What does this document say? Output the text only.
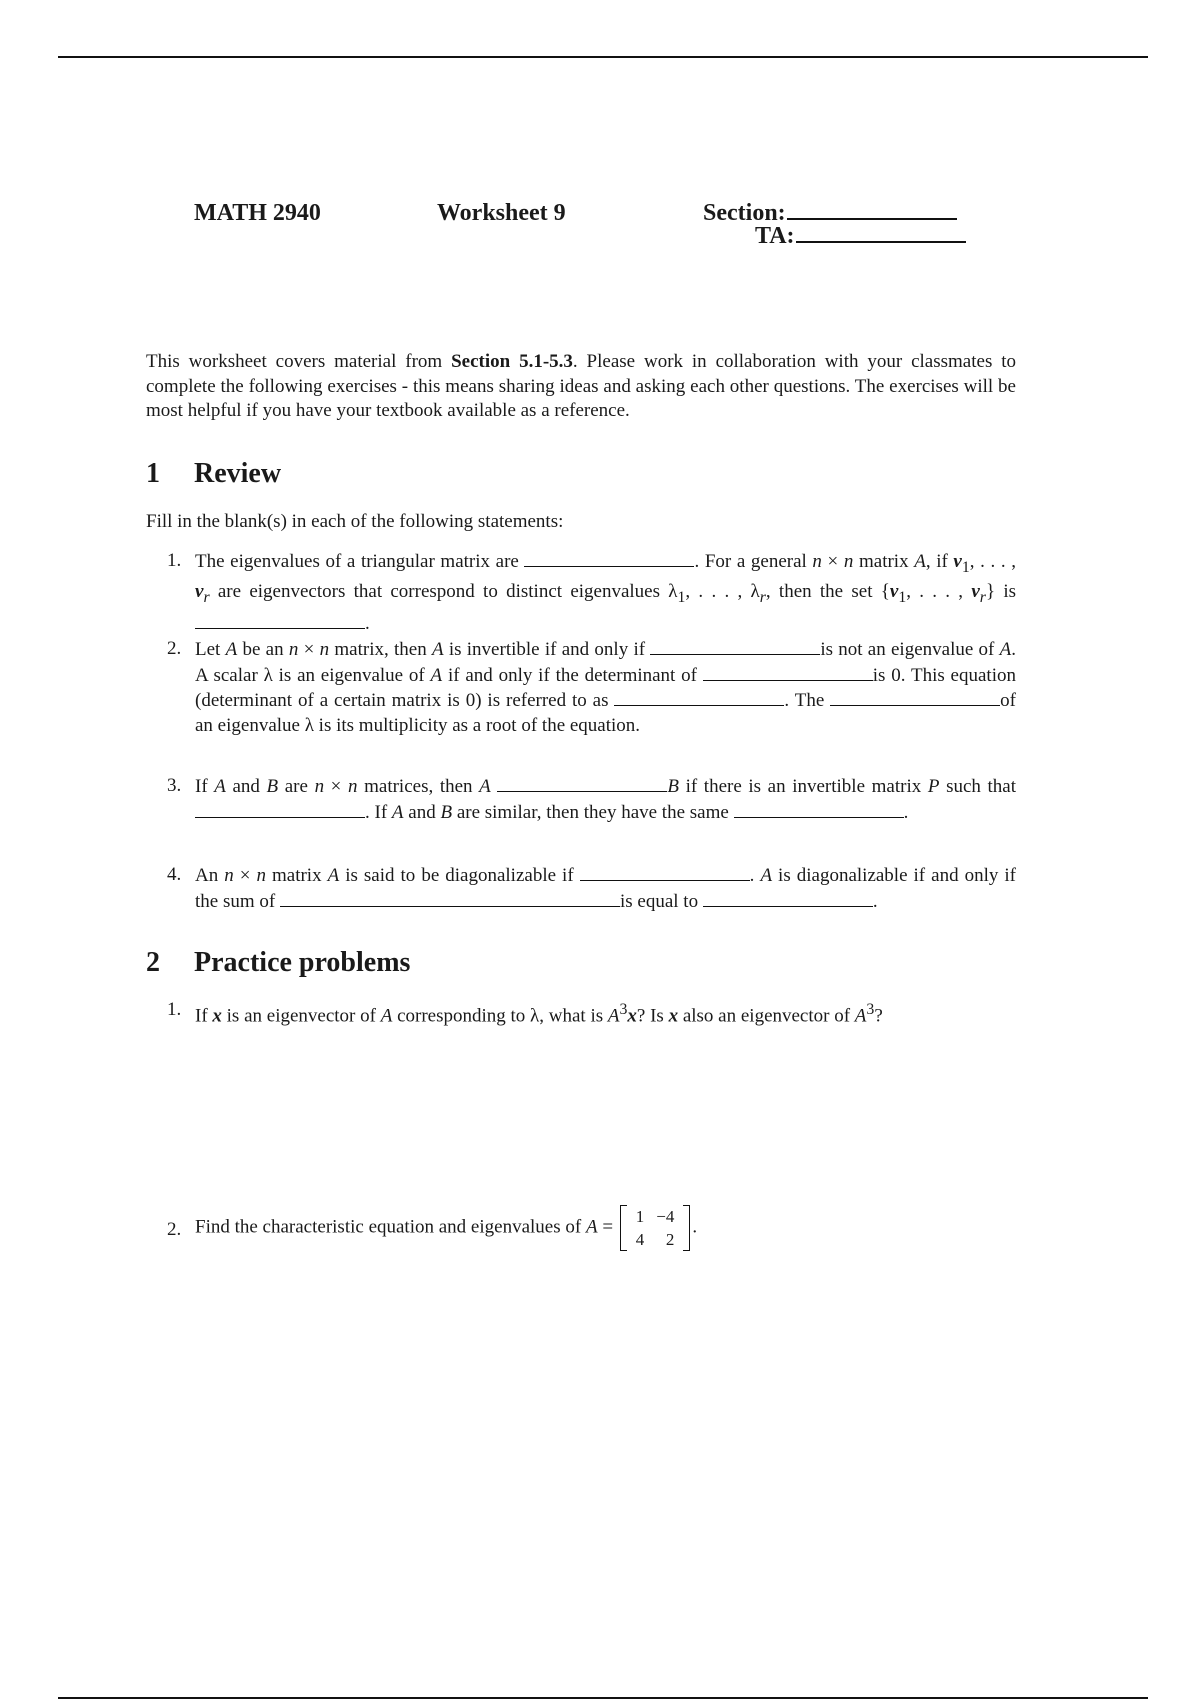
MATH 2940	Worksheet 9	Section:
TA:
This worksheet covers material from Section 5.1-5.3. Please work in collaboration with your classmates to complete the following exercises - this means sharing ideas and asking each other questions. The exercises will be most helpful if you have your textbook available as a reference.
1 Review
Fill in the blank(s) in each of the following statements:
1. The eigenvalues of a triangular matrix are	. For a general n × n matrix A, if $v_1$, . . . , $v_r$ are eigenvectors that correspond to distinct eigenvalues $\lambda_1$, . . . , $\lambda_r$, then the set {$v_1$, . . . , $v_r$} is .
2. Let A be an n × n matrix, then A is invertible if and only if	is not an eigenvalue of A. A scalar λ is an eigenvalue of A if and only if the determinant of	is 0. This equation (determinant of a certain matrix is 0) is referred to as	. The	of an eigenvalue λ is its multiplicity as a root of the equation.
3. If A and B are n × n matrices, then A	B if there is an invertible matrix P such that . If A and B are similar, then they have the same	.
4. An n × n matrix A is said to be diagonalizable if	. A is diagonalizable if and only if the sum of	is equal to	.
2 Practice problems
1. If x is an eigenvector of A corresponding to λ, what is $A^3x$? Is x also an eigenvector of $A^3$?
2. Find the characteristic equation and eigenvalues of A = 1	−4
4	2
.
